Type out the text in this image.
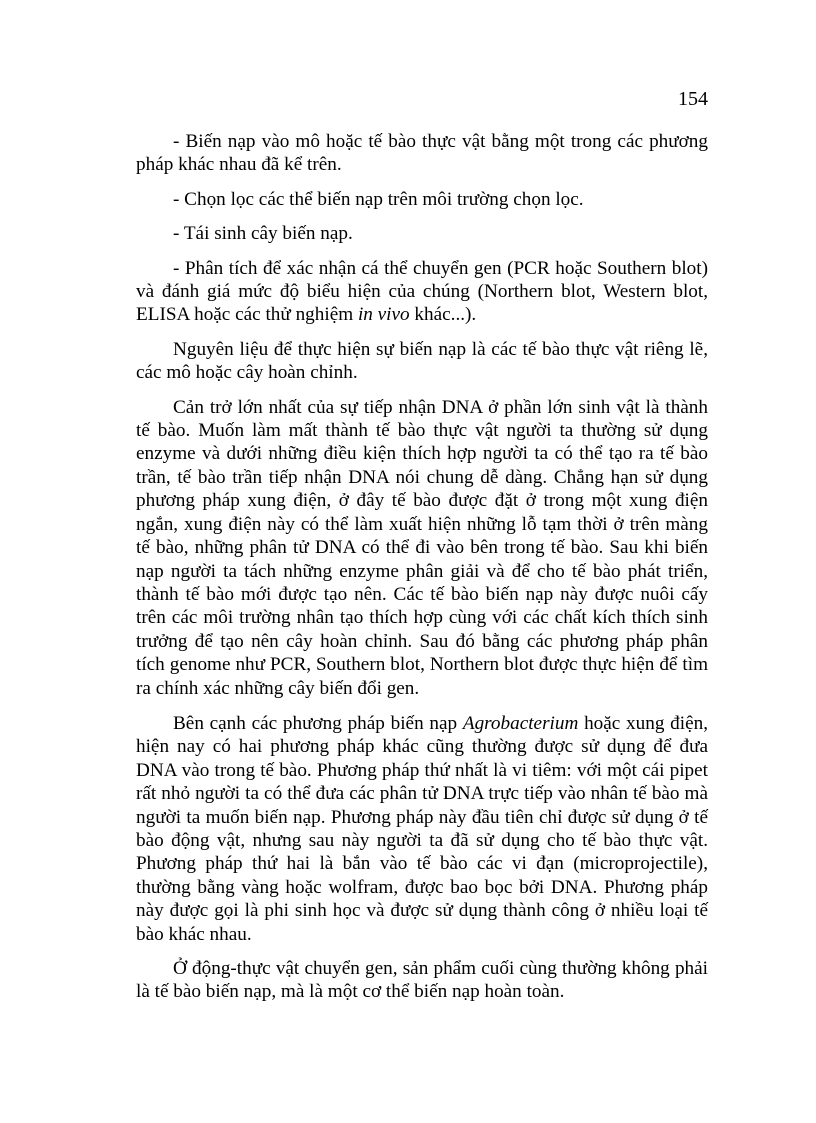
154

- Biến nạp vào mô hoặc tế bào thực vật bằng một trong các phương pháp khác nhau đã kể trên.

- Chọn lọc các thể biến nạp trên môi trường chọn lọc.

- Tái sinh cây biến nạp.

- Phân tích để xác nhận cá thể chuyển gen (PCR hoặc Southern blot) và đánh giá mức độ biểu hiện của chúng (Northern blot, Western blot, ELISA hoặc các thử nghiệm in vivo khác...).

Nguyên liệu để thực hiện sự biến nạp là các tế bào thực vật riêng lẽ, các mô hoặc cây hoàn chỉnh.

Cản trở lớn nhất của sự tiếp nhận DNA ở phần lớn sinh vật là thành tế bào. Muốn làm mất thành tế bào thực vật người ta thường sử dụng enzyme và dưới những điều kiện thích hợp người ta có thể tạo ra tế bào trần, tế bào trần tiếp nhận DNA nói chung dễ dàng. Chẳng hạn sử dụng phương pháp xung điện, ở đây tế bào được đặt ở trong một xung điện ngắn, xung điện này có thể làm xuất hiện những lỗ tạm thời ở trên màng tế bào, những phân tử DNA có thể đi vào bên trong tế bào. Sau khi biến nạp người ta tách những enzyme phân giải và để cho tế bào phát triển, thành tế bào mới được tạo nên. Các tế bào biến nạp này được nuôi cấy trên các môi trường nhân tạo thích hợp cùng với các chất kích thích sinh trưởng để tạo nên cây hoàn chỉnh. Sau đó bằng các phương pháp phân tích genome như PCR, Southern blot, Northern blot được thực hiện để tìm ra chính xác những cây biến đổi gen.

Bên cạnh các phương pháp biến nạp Agrobacterium hoặc xung điện, hiện nay có hai phương pháp khác cũng thường được sử dụng để đưa DNA vào trong tế bào. Phương pháp thứ nhất là vi tiêm: với một cái pipet rất nhỏ người ta có thể đưa các phân tử DNA trực tiếp vào nhân tế bào mà người ta muốn biến nạp. Phương pháp này đầu tiên chỉ được sử dụng ở tế bào động vật, nhưng sau này người ta đã sử dụng cho tế bào thực vật. Phương pháp thứ hai là bắn vào tế bào các vi đạn (microprojectile), thường bằng vàng hoặc wolfram, được bao bọc bởi DNA. Phương pháp này được gọi là phi sinh học và được sử dụng thành công ở nhiều loại tế bào khác nhau.

Ở động-thực vật chuyển gen, sản phẩm cuối cùng thường không phải là tế bào biến nạp, mà là một cơ thể biến nạp hoàn toàn.
